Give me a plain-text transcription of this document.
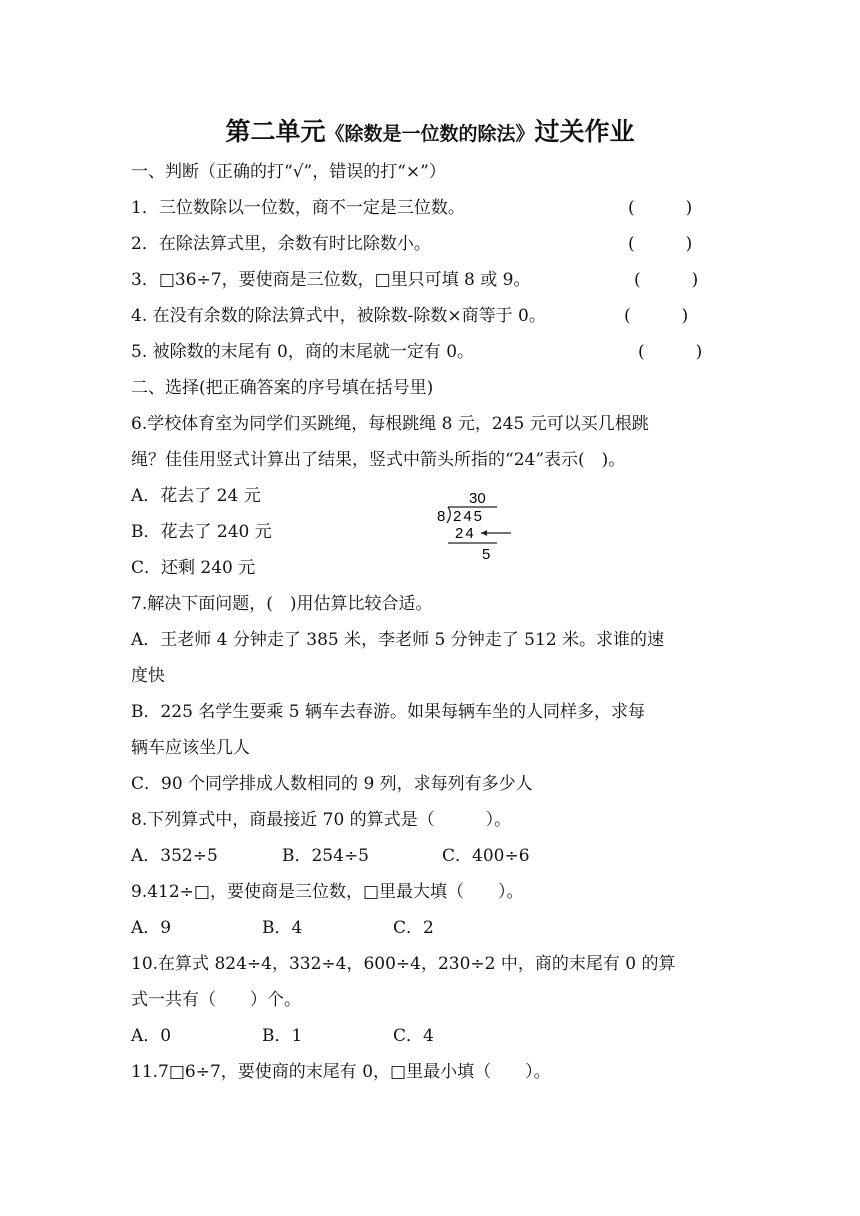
第二单元《除数是一位数的除法》过关作业
一、判断（正确的打“√”，错误的打“×”）
1．三位数除以一位数，商不一定是三位数。	(　　　)
2．在除法算式里，余数有时比除数小。	(　　　)
3．□36÷7，要使商是三位数，□里只可填 8 或 9。	(　　　)
4. 在没有余数的除法算式中，被除数-除数×商等于 0。	(　　　)
5. 被除数的末尾有 0，商的末尾就一定有 0。	(　　　)
二、选择(把正确答案的序号填在括号里)
6.学校体育室为同学们买跳绳，每根跳绳 8 元，245 元可以买几根跳
绳？佳佳用竖式计算出了结果，竖式中箭头所指的“24”表示(　)。
A．花去了 24 元
B．花去了 240 元
C．还剩 240 元
30
8 245
24
5
7.解决下面问题，(　)用估算比较合适。
A．王老师 4 分钟走了 385 米，李老师 5 分钟走了 512 米。求谁的速
度快
B．225 名学生要乘 5 辆车去春游。如果每辆车坐的人同样多，求每
辆车应该坐几人
C．90 个同学排成人数相同的 9 列，求每列有多少人
8.下列算式中，商最接近 70 的算式是（　　　）。
A．352÷5	B．254÷5	C．400÷6
9.412÷□，要使商是三位数，□里最大填（　　）。
A．9	B．4	C．2
10.在算式 824÷4，332÷4，600÷4，230÷2 中，商的末尾有 0 的算
式一共有（　　）个。
A．0	B．1	C．4
11.7□6÷7，要使商的末尾有 0，□里最小填（　　）。
